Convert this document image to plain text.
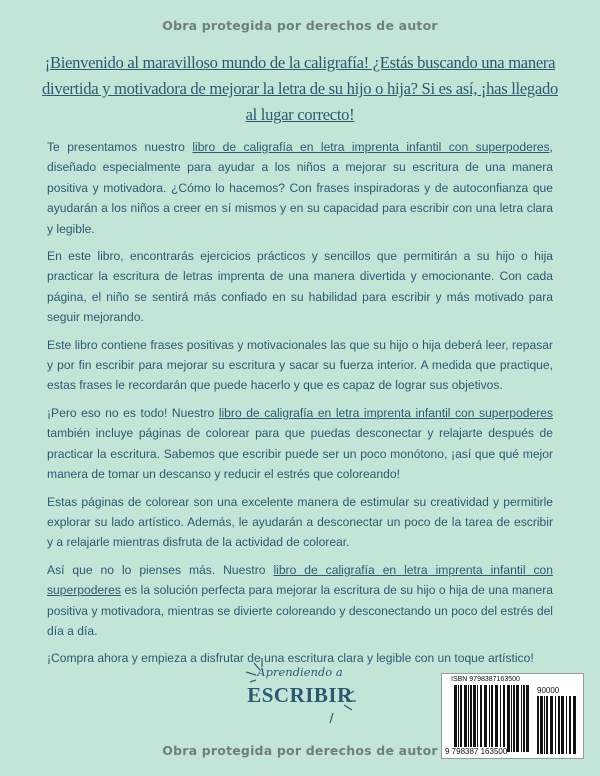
Obra protegida por derechos de autor
¡Bienvenido al maravilloso mundo de la caligrafía! ¿Estás buscando una manera divertida y motivadora de mejorar la letra de su hijo o hija? Si es así, ¡has llegado al lugar correcto!

Te presentamos nuestro libro de caligrafía en letra imprenta infantil con superpoderes, diseñado especialmente para ayudar a los niños a mejorar su escritura de una manera positiva y motivadora. ¿Cómo lo hacemos? Con frases inspiradoras y de autoconfianza que ayudarán a los niños a creer en sí mismos y en su capacidad para escribir con una letra clara y legible.

En este libro, encontrarás ejercicios prácticos y sencillos que permitirán a su hijo o hija practicar la escritura de letras imprenta de una manera divertida y emocionante. Con cada página, el niño se sentirá más confiado en su habilidad para escribir y más motivado para seguir mejorando.

Este libro contiene frases positivas y motivacionales las que su hijo o hija deberá leer, repasar y por fin escribir para mejorar su escritura y sacar su fuerza interior. A medida que practique, estas frases le recordarán que puede hacerlo y que es capaz de lograr sus objetivos.

¡Pero eso no es todo! Nuestro libro de caligrafía en letra imprenta infantil con superpoderes también incluye páginas de colorear para que puedas desconectar y relajarte después de practicar la escritura. Sabemos que escribir puede ser un poco monótono, ¡así que qué mejor manera de tomar un descanso y reducir el estrés que coloreando!

Estas páginas de colorear son una excelente manera de estimular su creatividad y permitirle explorar su lado artístico. Además, le ayudarán a desconectar un poco de la tarea de escribir y a relajarle mientras disfruta de la actividad de colorear.

Así que no lo pienses más. Nuestro libro de caligrafía en letra imprenta infantil con superpoderes es la solución perfecta para mejorar la escritura de su hijo o hija de una manera positiva y motivadora, mientras se divierte coloreando y desconectando un poco del estrés del día a día.

¡Compra ahora y empieza a disfrutar de una escritura clara y legible con un toque artístico!

Aprendiendo a
ESCRIBIR
ISBN 9798387163500
90000
9 798387 163500
Obra protegida por derechos de autor
